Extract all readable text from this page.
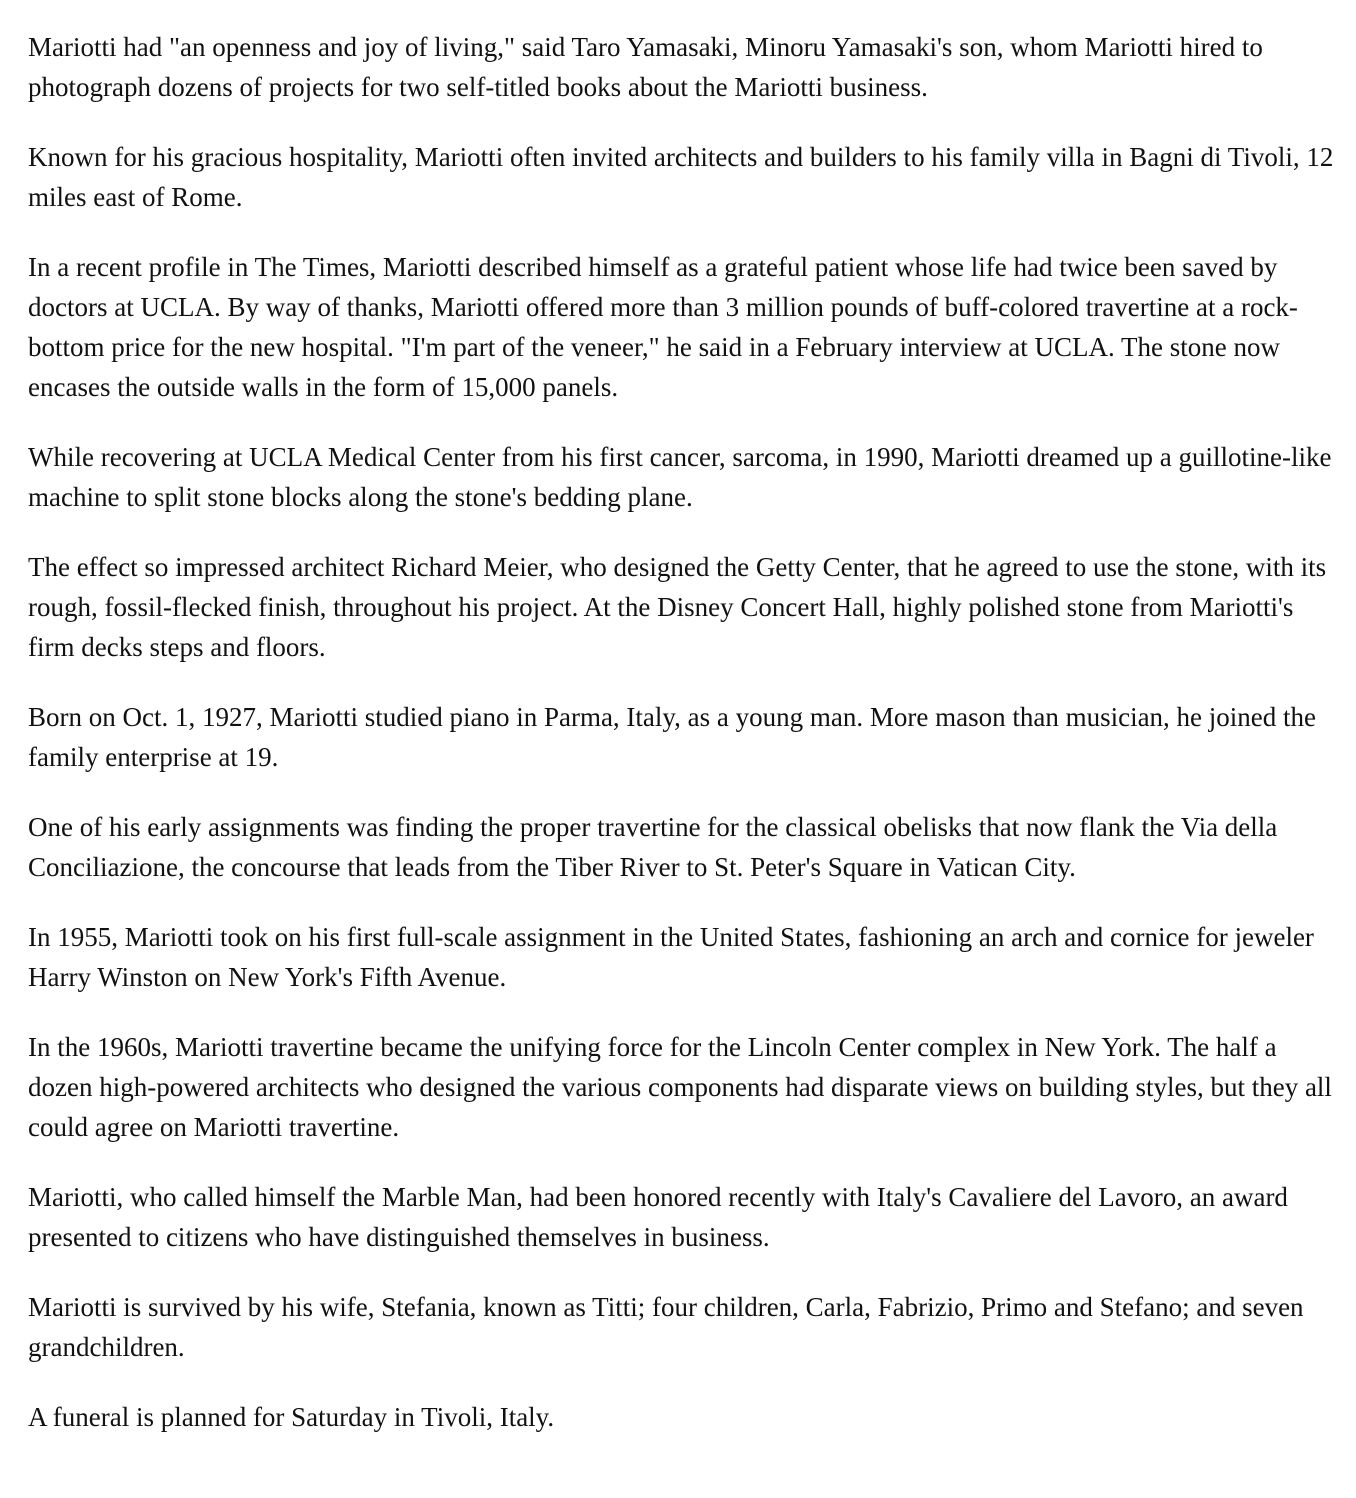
Mariotti had "an openness and joy of living," said Taro Yamasaki, Minoru Yamasaki's son, whom Mariotti hired to photograph dozens of projects for two self-titled books about the Mariotti business.

Known for his gracious hospitality, Mariotti often invited architects and builders to his family villa in Bagni di Tivoli, 12 miles east of Rome.

In a recent profile in The Times, Mariotti described himself as a grateful patient whose life had twice been saved by doctors at UCLA. By way of thanks, Mariotti offered more than 3 million pounds of buff-colored travertine at a rock-bottom price for the new hospital. "I'm part of the veneer," he said in a February interview at UCLA. The stone now encases the outside walls in the form of 15,000 panels.

While recovering at UCLA Medical Center from his first cancer, sarcoma, in 1990, Mariotti dreamed up a guillotine-like machine to split stone blocks along the stone's bedding plane.

The effect so impressed architect Richard Meier, who designed the Getty Center, that he agreed to use the stone, with its rough, fossil-flecked finish, throughout his project. At the Disney Concert Hall, highly polished stone from Mariotti's firm decks steps and floors.

Born on Oct. 1, 1927, Mariotti studied piano in Parma, Italy, as a young man. More mason than musician, he joined the family enterprise at 19.

One of his early assignments was finding the proper travertine for the classical obelisks that now flank the Via della Conciliazione, the concourse that leads from the Tiber River to St. Peter's Square in Vatican City.

In 1955, Mariotti took on his first full-scale assignment in the United States, fashioning an arch and cornice for jeweler Harry Winston on New York's Fifth Avenue.

In the 1960s, Mariotti travertine became the unifying force for the Lincoln Center complex in New York. The half a dozen high-powered architects who designed the various components had disparate views on building styles, but they all could agree on Mariotti travertine.

Mariotti, who called himself the Marble Man, had been honored recently with Italy's Cavaliere del Lavoro, an award presented to citizens who have distinguished themselves in business.

Mariotti is survived by his wife, Stefania, known as Titti; four children, Carla, Fabrizio, Primo and Stefano; and seven grandchildren.

A funeral is planned for Saturday in Tivoli, Italy.
